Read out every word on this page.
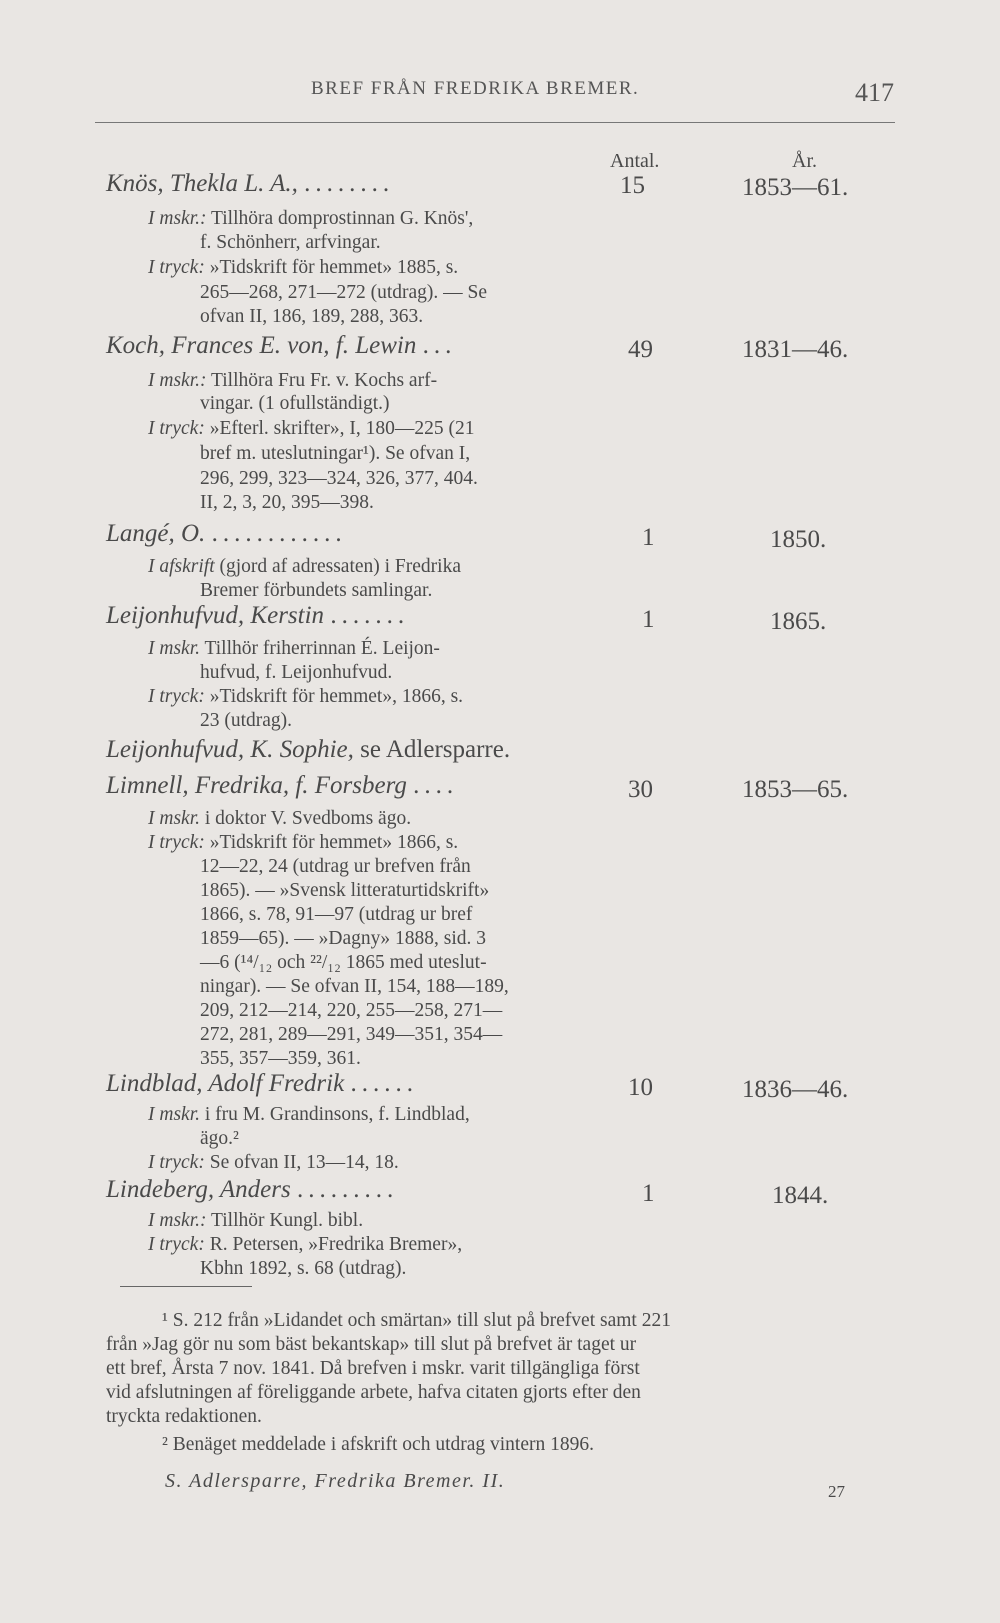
BREF FRÅN FREDRIKA BREMER.	417
Antal.	År.
Knös, Thekla L. A., ........	15	1853—61.
I mskr.: Tillhöra domprostinnan G. Knös',
f. Schönherr, arfvingar.
I tryck: »Tidskrift för hemmet» 1885, s.
265—268, 271—272 (utdrag). — Se
ofvan II, 186, 189, 288, 363.
Koch, Frances E. von, f. Lewin ...	49	1831—46.
I mskr.: Tillhöra Fru Fr. v. Kochs arf-
vingar. (1 ofullständigt.)
I tryck: »Efterl. skrifter», I, 180—225 (21
bref m. uteslutningar¹). Se ofvan I,
296, 299, 323—324, 326, 377, 404.
II, 2, 3, 20, 395—398.
Langé, O. ............	1	1850.
I afskrift (gjord af adressaten) i Fredrika
Bremer förbundets samlingar.
Leijonhufvud, Kerstin .......	1	1865.
I mskr. Tillhör friherrinnan É. Leijon-
hufvud, f. Leijonhufvud.
I tryck: »Tidskrift för hemmet», 1866, s.
23 (utdrag).
Leijonhufvud, K. Sophie, se Adlersparre.
Limnell, Fredrika, f. Forsberg ....	30	1853—65.
I mskr. i doktor V. Svedboms ägo.
I tryck: »Tidskrift för hemmet» 1866, s.
12—22, 24 (utdrag ur brefven från
1865). — »Svensk litteraturtidskrift»
1866, s. 78, 91—97 (utdrag ur bref
1859—65). — »Dagny» 1888, sid. 3
—6 (¹⁴/₁₂ och ²²/₁₂ 1865 med uteslut-
ningar). — Se ofvan II, 154, 188—189,
209, 212—214, 220, 255—258, 271—
272, 281, 289—291, 349—351, 354—
355, 357—359, 361.
Lindblad, Adolf Fredrik ......	10	1836—46.
I mskr. i fru M. Grandinsons, f. Lindblad,
ägo.²
I tryck: Se ofvan II, 13—14, 18.
Lindeberg, Anders .........	1	1844.
I mskr.: Tillhör Kungl. bibl.
I tryck: R. Petersen, »Fredrika Bremer»,
Kbhn 1892, s. 68 (utdrag).
¹ S. 212 från »Lidandet och smärtan» till slut på brefvet samt 221
från »Jag gör nu som bäst bekantskap» till slut på brefvet är taget ur
ett bref, Årsta 7 nov. 1841. Då brefven i mskr. varit tillgängliga först
vid afslutningen af föreliggande arbete, hafva citaten gjorts efter den
tryckta redaktionen.
² Benäget meddelade i afskrift och utdrag vintern 1896.
S. Adlersparre, Fredrika Bremer. II.	27
